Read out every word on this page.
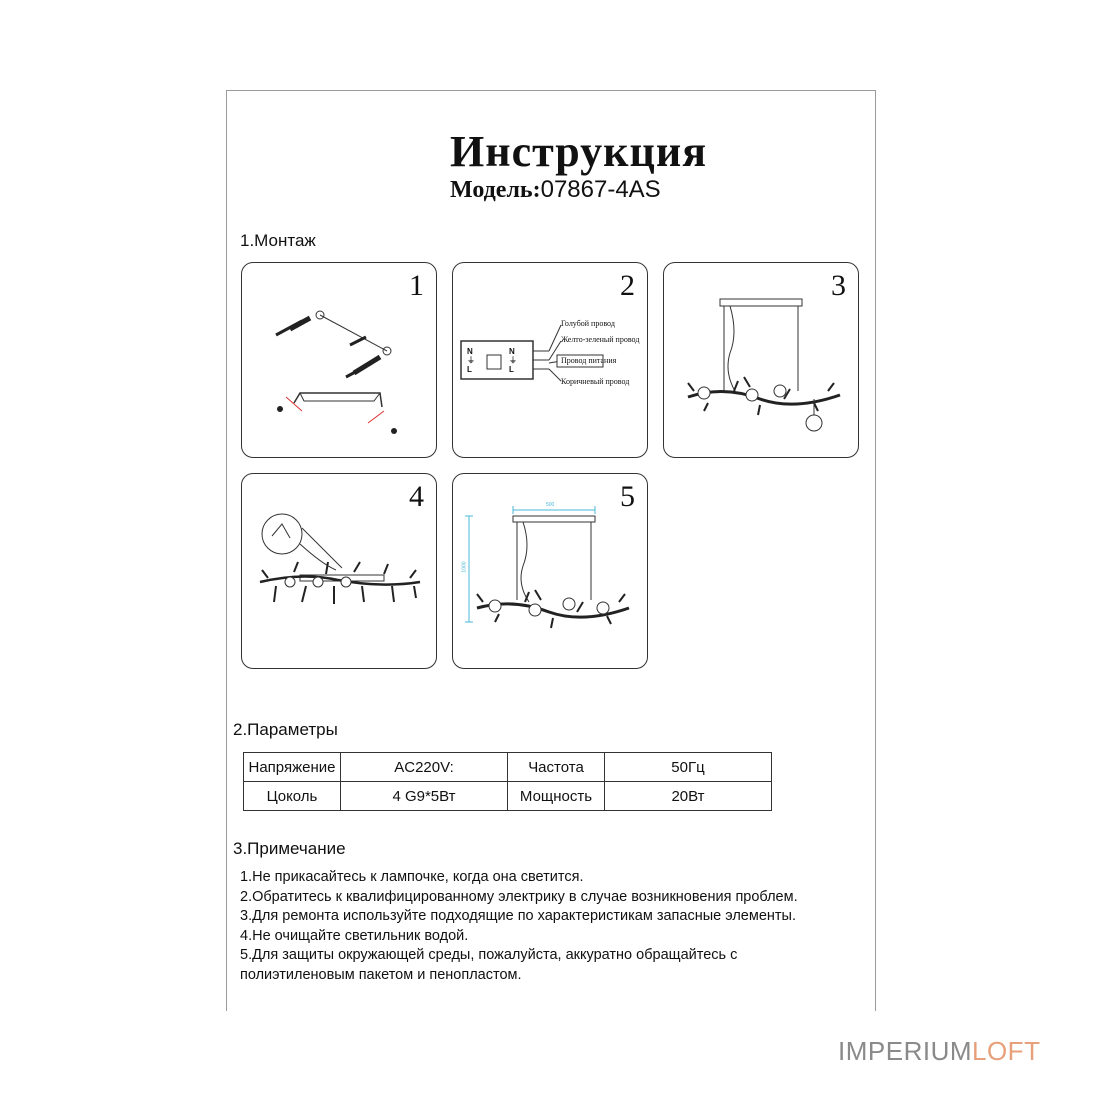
Инструкция
Модель:07867-4AS
1.Монтаж
1	2
N ⏚ L
N ⏚ L
Голубой провод
Желто-зеленый провод
Провод питания
Коричневый провод
3
4	5
500
1000
2.Параметры
Напряжение	AC220V:	Частота	50Гц
Цоколь	4 G9*5Вт	Мощность	20Вт
3.Примечание
1.Не прикасайтесь к лампочке, когда она светится.
2.Обратитесь к квалифицированному электрику в случае возникновения проблем.
3.Для ремонта используйте подходящие по характеристикам запасные элементы.
4.Не очищайте светильник водой.
5.Для защиты окружающей среды, пожалуйста, аккуратно обращайтесь с
полиэтиленовым пакетом и пенопластом.
IMPERIUMLOFT
